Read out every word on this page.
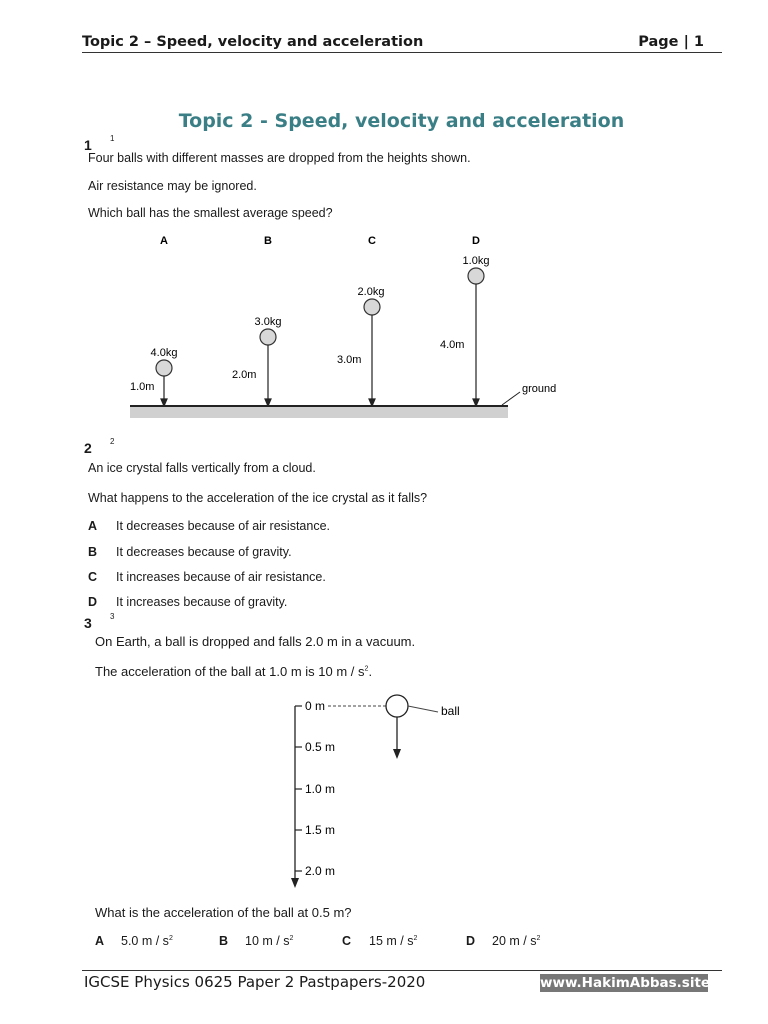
Topic 2 – Speed, velocity and acceleration	Page | 1
Topic 2 - Speed, velocity and acceleration
1 1
Four balls with different masses are dropped from the heights shown.
Air resistance may be ignored.
Which ball has the smallest average speed?
A	B	C	D
4.0kg
3.0kg
2.0kg
1.0kg
1.0m
2.0m
3.0m
4.0m
ground
2 2
An ice crystal falls vertically from a cloud.
What happens to the acceleration of the ice crystal as it falls?
A It decreases because of air resistance.
B It decreases because of gravity.
C It increases because of air resistance.
D It increases because of gravity.
3 3
On Earth, a ball is dropped and falls 2.0 m in a vacuum.
The acceleration of the ball at 1.0 m is 10 m / $s^2$.
0 m
0.5 m
1.0 m
1.5 m
2.0 m
ball
What is the acceleration of the ball at 0.5 m?
A 5.0 m / $s^2$	B 10 m / $s^2$	C 15 m / $s^2$	D 20 m / $s^2$
IGCSE Physics 0625 Paper 2 Pastpapers-2020	www.HakimAbbas.site
